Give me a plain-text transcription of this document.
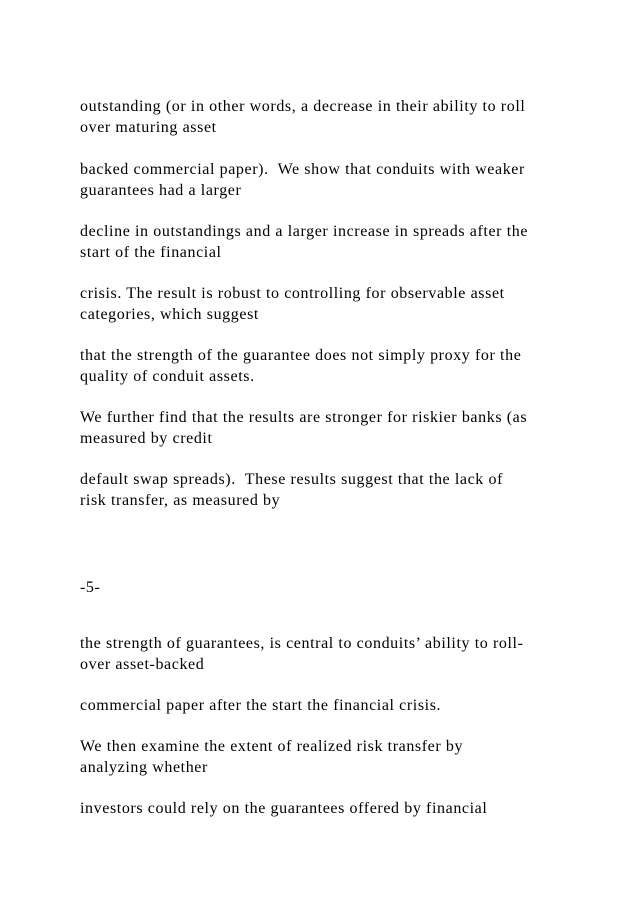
outstanding (or in other words, a decrease in their ability to roll
over maturing asset

backed commercial paper).  We show that conduits with weaker
guarantees had a larger

decline in outstandings and a larger increase in spreads after the
start of the financial

crisis. The result is robust to controlling for observable asset
categories, which suggest

that the strength of the guarantee does not simply proxy for the
quality of conduit assets.

We further find that the results are stronger for riskier banks (as
measured by credit

default swap spreads).  These results suggest that the lack of
risk transfer, as measured by

-5-

the strength of guarantees, is central to conduits’ ability to roll-
over asset-backed

commercial paper after the start the financial crisis.

We then examine the extent of realized risk transfer by
analyzing whether

investors could rely on the guarantees offered by financial
